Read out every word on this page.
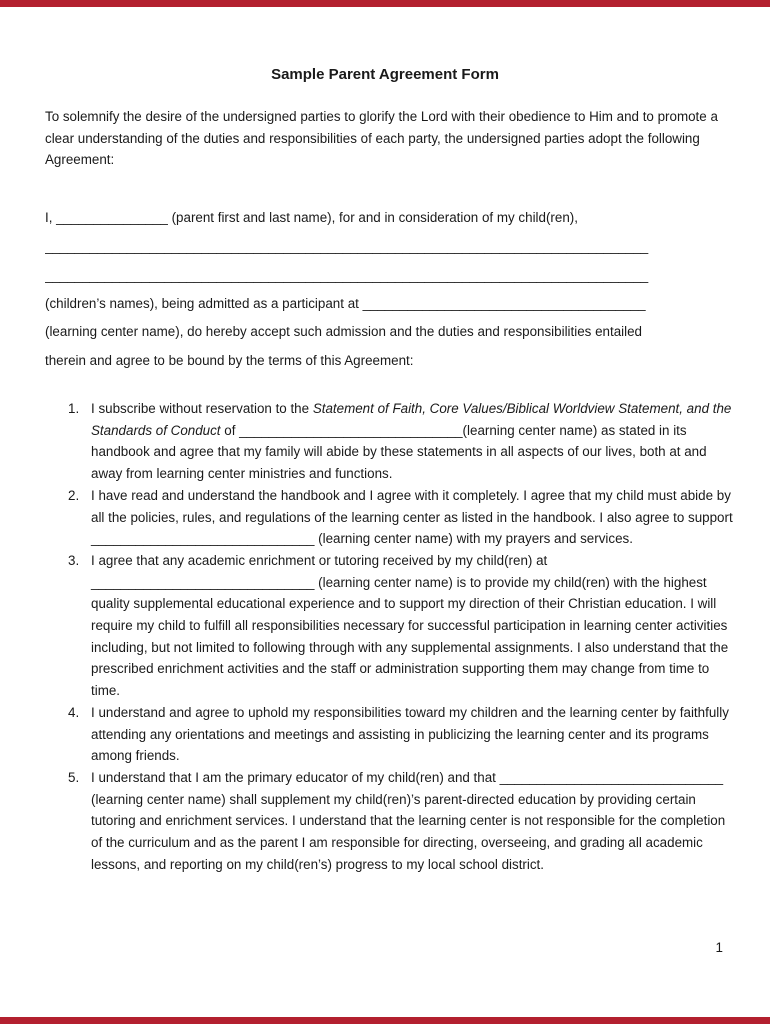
Sample Parent Agreement Form

To solemnify the desire of the undersigned parties to glorify the Lord with their obedience to Him and to promote a clear understanding of the duties and responsibilities of each party, the undersigned parties adopt the following Agreement:

I, _______________ (parent first and last name), for and in consideration of my child(ren),

_________________________________________________________________________________

_________________________________________________________________________________

(children’s names), being admitted as a participant at ______________________________________

(learning center name), do hereby accept such admission and the duties and responsibilities entailed

therein and agree to be bound by the terms of this Agreement:

1. I subscribe without reservation to the Statement of Faith, Core Values/Biblical Worldview Statement, and the Standards of Conduct of ______________________________(learning center name) as stated in its handbook and agree that my family will abide by these statements in all aspects of our lives, both at and away from learning center ministries and functions.
2. I have read and understand the handbook and I agree with it completely. I agree that my child must abide by all the policies, rules, and regulations of the learning center as listed in the handbook. I also agree to support ______________________________ (learning center name) with my prayers and services.
3. I agree that any academic enrichment or tutoring received by my child(ren) at ______________________________ (learning center name) is to provide my child(ren) with the highest quality supplemental educational experience and to support my direction of their Christian education. I will require my child to fulfill all responsibilities necessary for successful participation in learning center activities including, but not limited to following through with any supplemental assignments. I also understand that the prescribed enrichment activities and the staff or administration supporting them may change from time to time.
4. I understand and agree to uphold my responsibilities toward my children and the learning center by faithfully attending any orientations and meetings and assisting in publicizing the learning center and its programs among friends.
5. I understand that I am the primary educator of my child(ren) and that ______________________________ (learning center name) shall supplement my child(ren)’s parent-directed education by providing certain tutoring and enrichment services. I understand that the learning center is not responsible for the completion of the curriculum and as the parent I am responsible for directing, overseeing, and grading all academic lessons, and reporting on my child(ren’s) progress to my local school district.
1
